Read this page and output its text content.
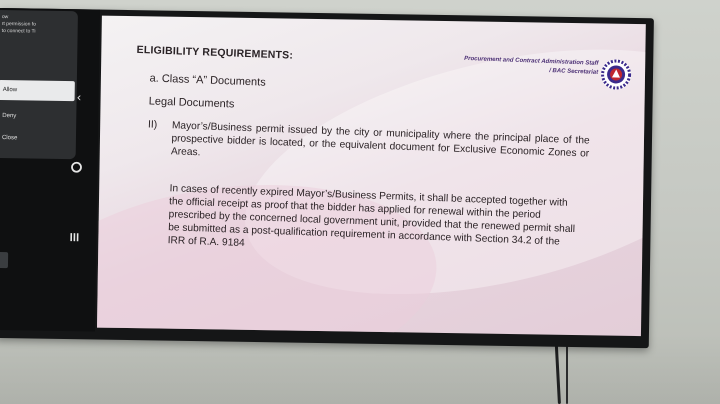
ow
rt permission fo
to connect to Ti
Allow
Deny
Close
‹
ELIGIBILITY REQUIREMENTS:	Procurement and Contract Administration Staff
/ BAC Secretariat
a. Class “A” Documents
Legal Documents
II) Mayor’s/Business permit issued by the city or municipality where the principal place of the prospective bidder is located, or the equivalent document for Exclusive Economic Zones or Areas.
In cases of recently expired Mayor’s/Business Permits, it shall be accepted together with the official receipt as proof that the bidder has applied for renewal within the period prescribed by the concerned local government unit, provided that the renewed permit shall be submitted as a post-qualification requirement in accordance with Section 34.2 of the IRR of R.A. 9184
